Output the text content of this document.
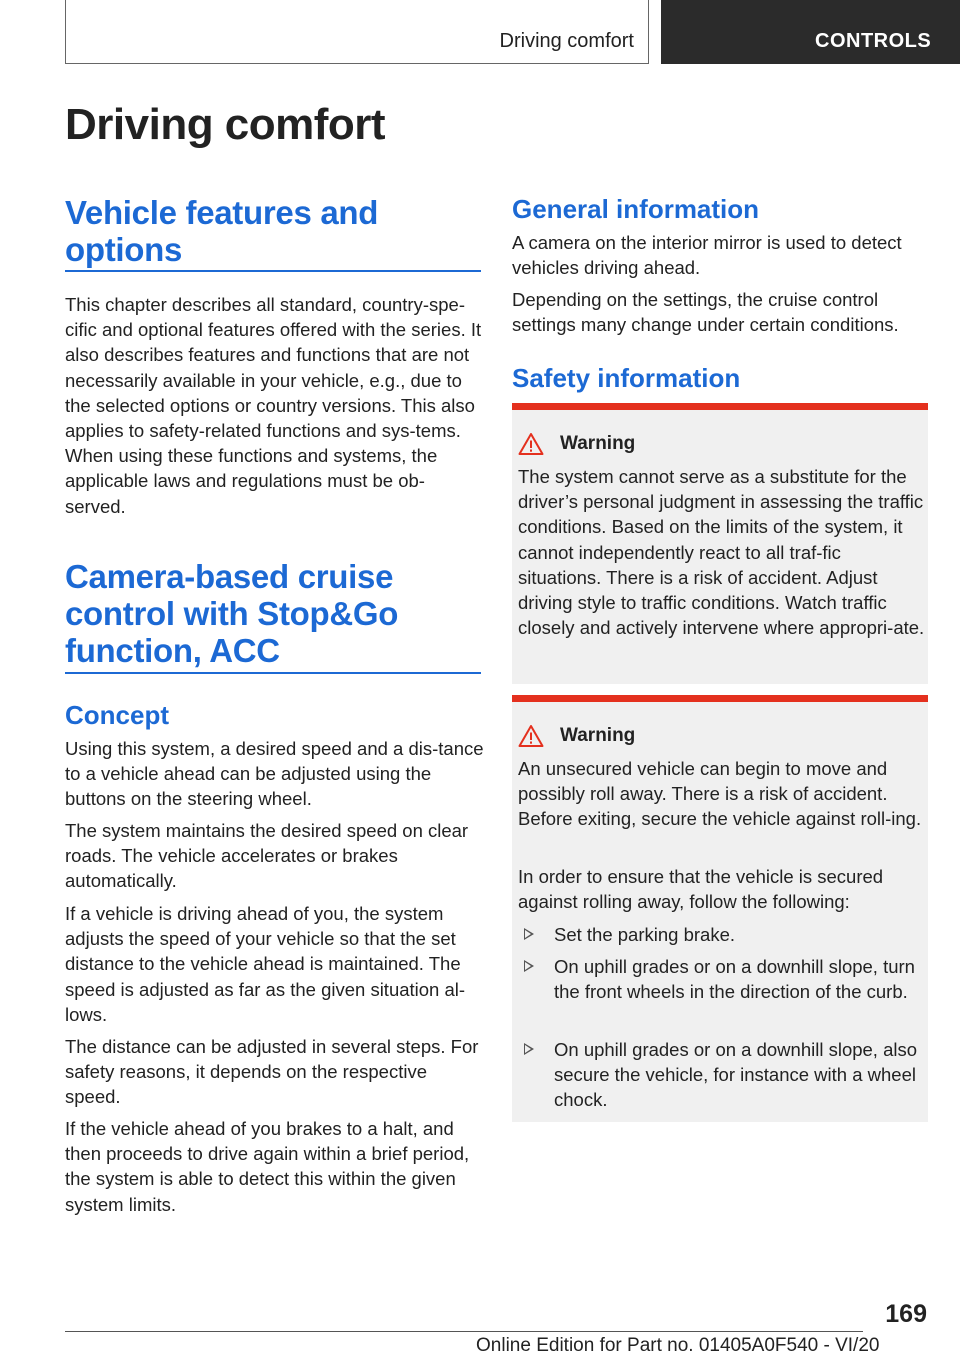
Driving comfort	CONTROLS
Driving comfort
Vehicle features and options

This chapter describes all standard, country-spe-cific and optional features offered with the series. It also describes features and functions that are not necessarily available in your vehicle, e.g., due to the selected options or country versions. This also applies to safety-related functions and sys-tems. When using these functions and systems, the applicable laws and regulations must be ob-served.

Camera-based cruise control with Stop&Go function, ACC
Concept

Using this system, a desired speed and a dis-tance to a vehicle ahead can be adjusted using the buttons on the steering wheel.

The system maintains the desired speed on clear roads. The vehicle accelerates or brakes automatically.

If a vehicle is driving ahead of you, the system adjusts the speed of your vehicle so that the set distance to the vehicle ahead is maintained. The speed is adjusted as far as the given situation al-lows.

The distance can be adjusted in several steps. For safety reasons, it depends on the respective speed.

If the vehicle ahead of you brakes to a halt, and then proceeds to drive again within a brief period, the system is able to detect this within the given system limits.

General information

A camera on the interior mirror is used to detect vehicles driving ahead.

Depending on the settings, the cruise control settings many change under certain conditions.

Safety information
Warning

The system cannot serve as a substitute for the driver’s personal judgment in assessing the traffic conditions. Based on the limits of the system, it cannot independently react to all traf-fic situations. There is a risk of accident. Adjust driving style to traffic conditions. Watch traffic closely and actively intervene where appropri-ate.

Warning

An unsecured vehicle can begin to move and possibly roll away. There is a risk of accident. Before exiting, secure the vehicle against roll-ing.

In order to ensure that the vehicle is secured against rolling away, follow the following:

Set the parking brake.

On uphill grades or on a downhill slope, turn the front wheels in the direction of the curb.

On uphill grades or on a downhill slope, also secure the vehicle, for instance with a wheel chock.

169
Online Edition for Part no. 01405A0F540 - VI/20
